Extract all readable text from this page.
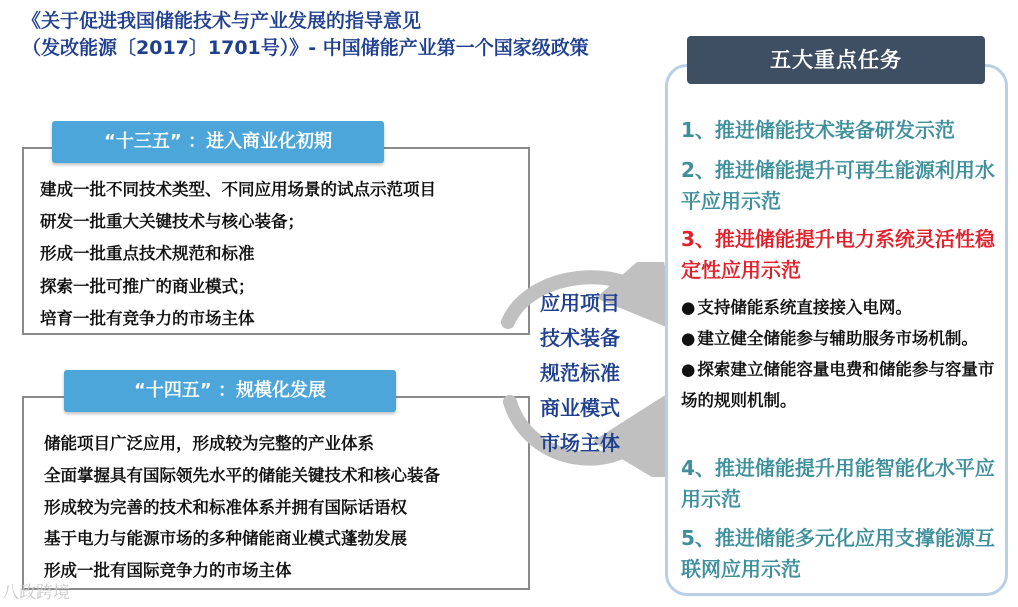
《关于促进我国储能技术与产业发展的指导意见
（发改能源〔2017〕1701号）》- 中国储能产业第一个国家级政策
“十三五” ：进入商业化初期
建成一批不同技术类型、不同应用场景的试点示范项目
研发一批重大关键技术与核心装备；
形成一批重点技术规范和标准
探索一批可推广的商业模式；
培育一批有竞争力的市场主体
“十四五” ：规模化发展
储能项目广泛应用，形成较为完整的产业体系
全面掌握具有国际领先水平的储能关键技术和核心装备
形成较为完善的技术和标准体系并拥有国际话语权
基于电力与能源市场的多种储能商业模式蓬勃发展
形成一批有国际竞争力的市场主体
应用项目
技术装备
规范标准
商业模式
市场主体
五大重点任务
1、推进储能技术装备研发示范
2、推进储能提升可再生能源利用水平应用示范
3、推进储能提升电力系统灵活性稳定性应用示范
● 支持储能系统直接接入电网。
● 建立健全储能参与辅助服务市场机制。
● 探索建立储能容量电费和储能参与容量市场的规则机制。
4、推进储能提升用能智能化水平应用示范
5、推进储能多元化应用支撑能源互联网应用示范
八政跨境
